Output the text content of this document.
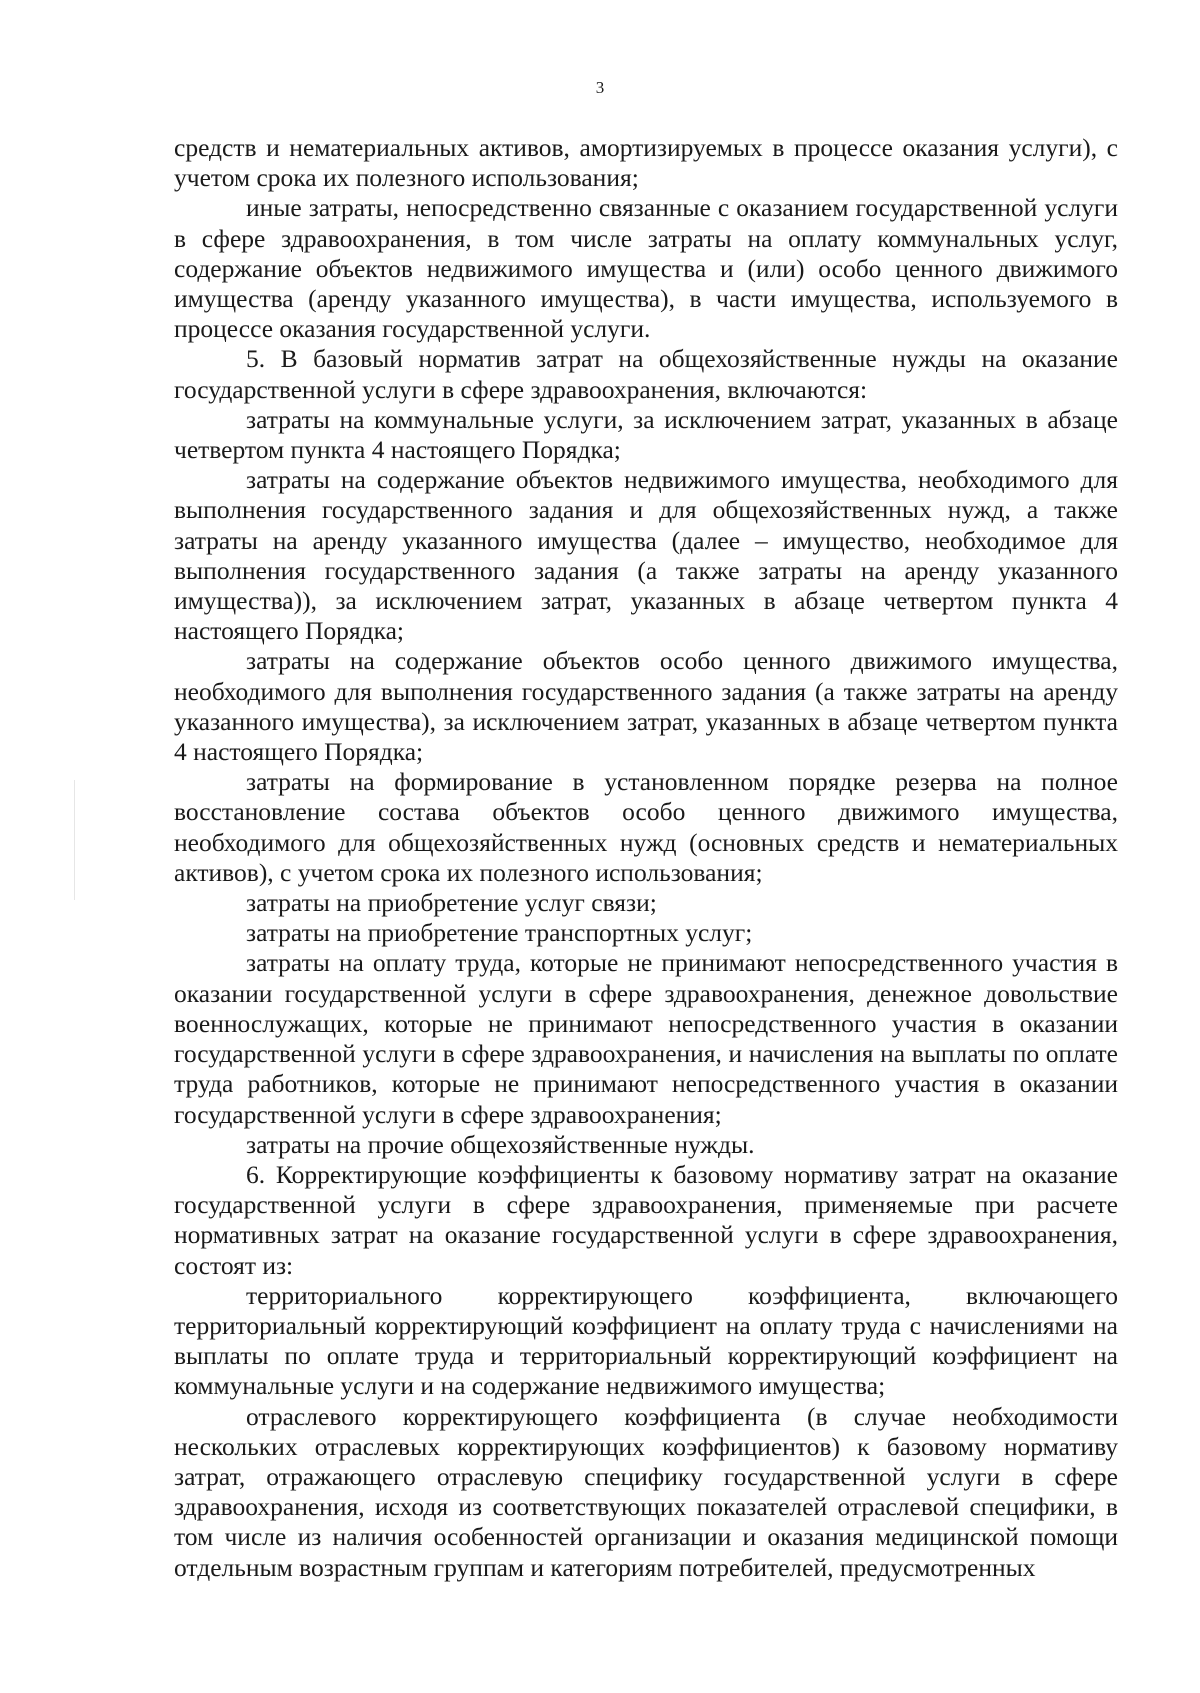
3

средств и нематериальных активов, амортизируемых в процессе оказания услуги), с учетом срока их полезного использования;

иные затраты, непосредственно связанные с оказанием государственной услуги в сфере здравоохранения, в том числе затраты на оплату коммунальных услуг, содержание объектов недвижимого имущества и (или) особо ценного движимого имущества (аренду указанного имущества), в части имущества, используемого в процессе оказания государственной услуги.

5. В базовый норматив затрат на общехозяйственные нужды на оказание государственной услуги в сфере здравоохранения, включаются:

затраты на коммунальные услуги, за исключением затрат, указанных в абзаце четвертом пункта 4 настоящего Порядка;

затраты на содержание объектов недвижимого имущества, необходимого для выполнения государственного задания и для общехозяйственных нужд, а также затраты на аренду указанного имущества (далее – имущество, необходимое для выполнения государственного задания (а также затраты на аренду указанного имущества)), за исключением затрат, указанных в абзаце четвертом пункта 4 настоящего Порядка;

затраты на содержание объектов особо ценного движимого имущества, необходимого для выполнения государственного задания (а также затраты на аренду указанного имущества), за исключением затрат, указанных в абзаце четвертом пункта 4 настоящего Порядка;

затраты на формирование в установленном порядке резерва на полное восстановление состава объектов особо ценного движимого имущества, необходимого для общехозяйственных нужд (основных средств и нематериальных активов), с учетом срока их полезного использования;

затраты на приобретение услуг связи;

затраты на приобретение транспортных услуг;

затраты на оплату труда, которые не принимают непосредственного участия в оказании государственной услуги в сфере здравоохранения, денежное довольствие военнослужащих, которые не принимают непосредственного участия в оказании государственной услуги в сфере здравоохранения, и начисления на выплаты по оплате труда работников, которые не принимают непосредственного участия в оказании государственной услуги в сфере здравоохранения;

затраты на прочие общехозяйственные нужды.

6. Корректирующие коэффициенты к базовому нормативу затрат на оказание государственной услуги в сфере здравоохранения, применяемые при расчете нормативных затрат на оказание государственной услуги в сфере здравоохранения, состоят из:

территориального корректирующего коэффициента, включающего территориальный корректирующий коэффициент на оплату труда с начислениями на выплаты по оплате труда и территориальный корректирующий коэффициент на коммунальные услуги и на содержание недвижимого имущества;

отраслевого корректирующего коэффициента (в случае необходимости нескольких отраслевых корректирующих коэффициентов) к базовому нормативу затрат, отражающего отраслевую специфику государственной услуги в сфере здравоохранения, исходя из соответствующих показателей отраслевой специфики, в том числе из наличия особенностей организации и оказания медицинской помощи отдельным возрастным группам и категориям потребителей, предусмотренных
